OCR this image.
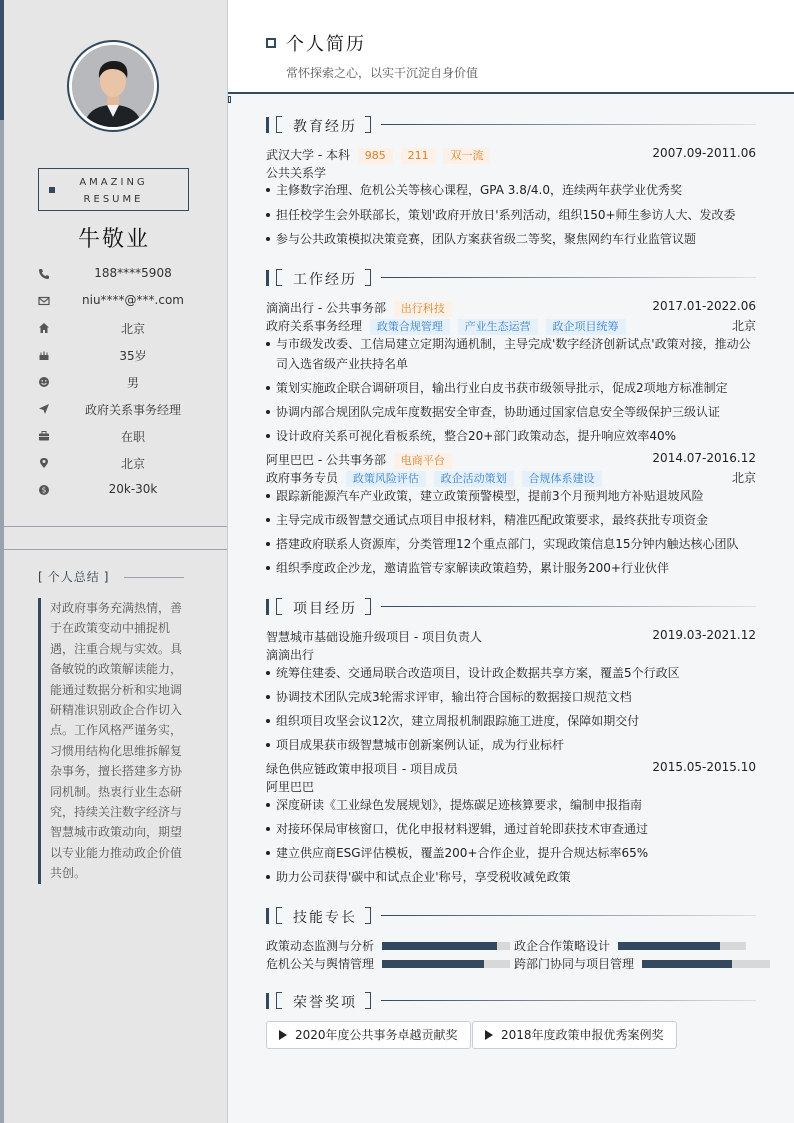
AMAZING
RESUME
牛敬业
188****5908
niu****@***.com
北京
35岁
男
政府关系事务经理
在职
北京
$	20k-30k
[ 个人总结 ]
对政府事务充满热情，善于在政策变动中捕捉机遇，注重合规与实效。具备敏锐的政策解读能力，能通过数据分析和实地调研精准识别政企合作切入点。工作风格严谨务实，习惯用结构化思维拆解复杂事务，擅长搭建多方协同机制。热衷行业生态研究，持续关注数字经济与智慧城市政策动向，期望以专业能力推动政企价值共创。
个人简历
常怀探索之心，以实干沉淀自身价值
教育经历
武汉大学 - 本科 985 211 双一流	2007.09-2011.06
公共关系学
主修数字治理、危机公关等核心课程，GPA 3.8/4.0，连续两年获学业优秀奖
担任校学生会外联部长，策划'政府开放日'系列活动，组织150+师生参访人大、发改委
参与公共政策模拟决策竞赛，团队方案获省级二等奖，聚焦网约车行业监管议题
工作经历
滴滴出行 - 公共事务部 出行科技	2017.01-2022.06
政府关系事务经理 政策合规管理 产业生态运营 政企项目统筹	北京
与市级发改委、工信局建立定期沟通机制，主导完成'数字经济创新试点'政策对接，推动公司入选省级产业扶持名单
策划实施政企联合调研项目，输出行业白皮书获市级领导批示，促成2项地方标准制定
协调内部合规团队完成年度数据安全审查，协助通过国家信息安全等级保护三级认证
设计政府关系可视化看板系统，整合20+部门政策动态，提升响应效率40%
阿里巴巴 - 公共事务部 电商平台	2014.07-2016.12
政府事务专员 政策风险评估 政企活动策划 合规体系建设	北京
跟踪新能源汽车产业政策，建立政策预警模型，提前3个月预判地方补贴退坡风险
主导完成市级智慧交通试点项目申报材料，精准匹配政策要求，最终获批专项资金
搭建政府联系人资源库，分类管理12个重点部门，实现政策信息15分钟内触达核心团队
组织季度政企沙龙，邀请监管专家解读政策趋势，累计服务200+行业伙伴
项目经历
智慧城市基础设施升级项目 - 项目负责人	2019.03-2021.12
滴滴出行
统筹住建委、交通局联合改造项目，设计政企数据共享方案，覆盖5个行政区
协调技术团队完成3轮需求评审，输出符合国标的数据接口规范文档
组织项目攻坚会议12次，建立周报机制跟踪施工进度，保障如期交付
项目成果获市级智慧城市创新案例认证，成为行业标杆
绿色供应链政策申报项目 - 项目成员	2015.05-2015.10
阿里巴巴
深度研读《工业绿色发展规划》，提炼碳足迹核算要求，编制申报指南
对接环保局审核窗口，优化申报材料逻辑，通过首轮即获技术审查通过
建立供应商ESG评估模板，覆盖200+合作企业，提升合规达标率65%
助力公司获得'碳中和试点企业'称号，享受税收减免政策
技能专长
政策动态监测与分析	政企合作策略设计
危机公关与舆情管理	跨部门协同与项目管理
荣誉奖项
2020年度公共事务卓越贡献奖	2018年度政策申报优秀案例奖
